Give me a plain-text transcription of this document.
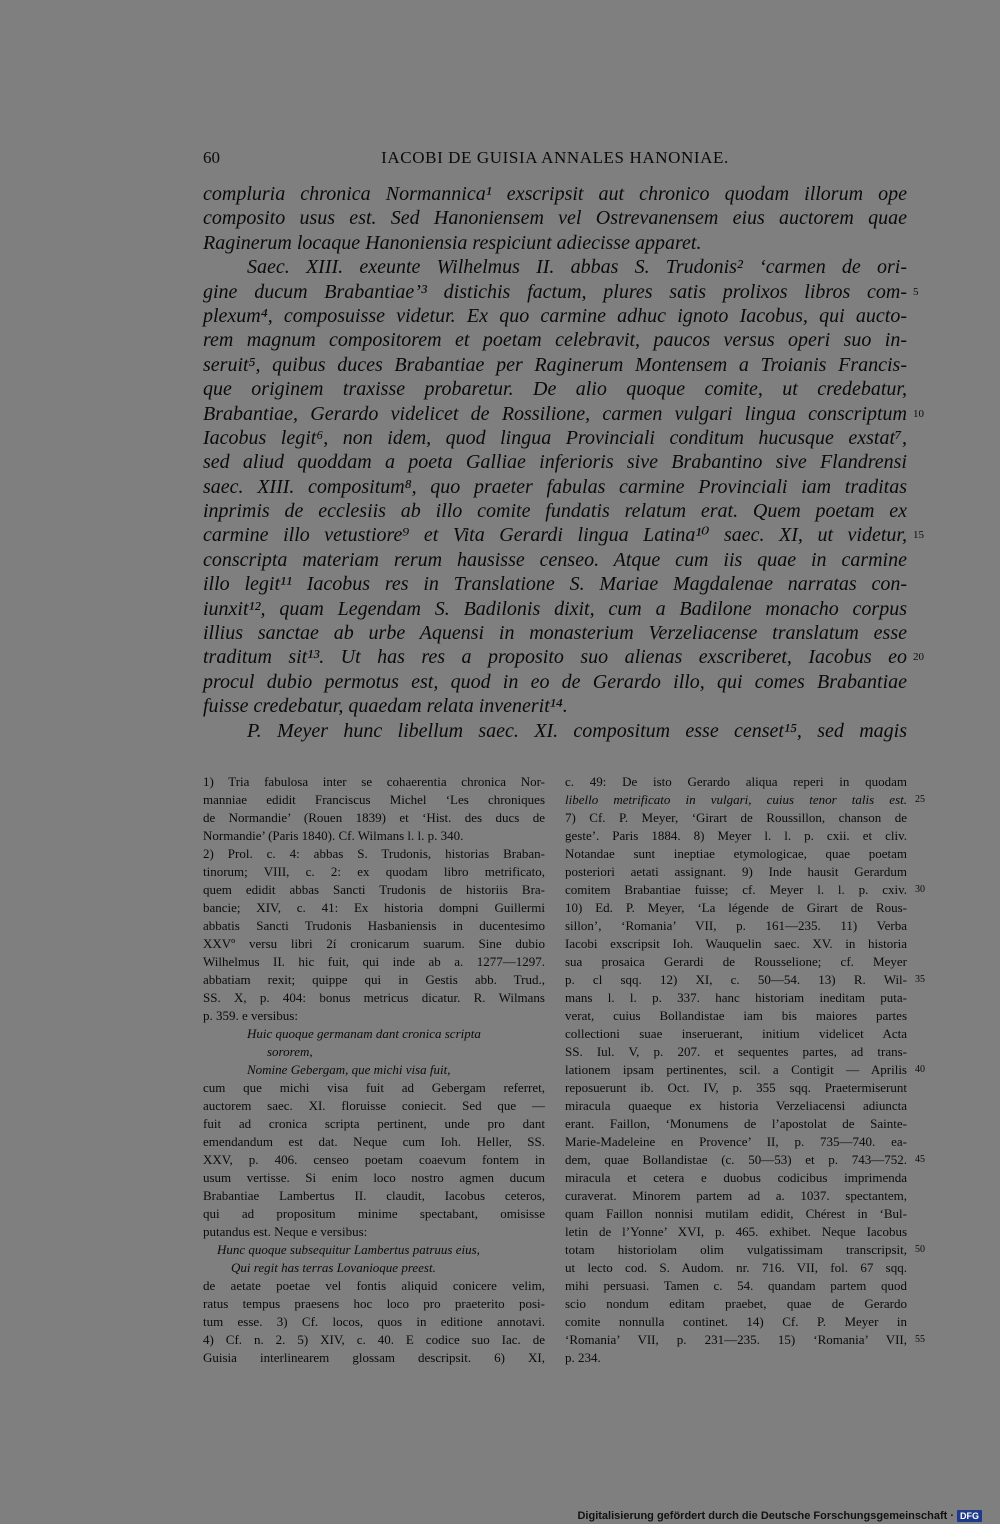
60	IACOBI DE GUISIA ANNALES HANONIAE.
compluria chronica Normannica¹ exscripsit aut chronico quodam illorum ope
composito usus est. Sed Hanoniensem vel Ostrevanensem eius auctorem quae
Raginerum locaque Hanoniensia respiciunt adiecisse apparet.
Saec. XIII. exeunte Wilhelmus II. abbas S. Trudonis² ‘carmen de ori-
gine ducum Brabantiae’³ distichis factum, plures satis prolixos libros com- 5
plexum⁴, composuisse videtur. Ex quo carmine adhuc ignoto Iacobus, qui aucto-
rem magnum compositorem et poetam celebravit, paucos versus operi suo in-
seruit⁵, quibus duces Brabantiae per Raginerum Montensem a Troianis Francis-
que originem traxisse probaretur. De alio quoque comite, ut credebatur,
Brabantiae, Gerardo videlicet de Rossilione, carmen vulgari lingua conscriptum 10
Iacobus legit⁶, non idem, quod lingua Provinciali conditum hucusque exstat⁷,
sed aliud quoddam a poeta Galliae inferioris sive Brabantino sive Flandrensi
saec. XIII. compositum⁸, quo praeter fabulas carmine Provinciali iam traditas
inprimis de ecclesiis ab illo comite fundatis relatum erat. Quem poetam ex
carmine illo vetustiore⁹ et Vita Gerardi lingua Latina¹⁰ saec. XI, ut videtur, 15
conscripta materiam rerum hausisse censeo. Atque cum iis quae in carmine
illo legit¹¹ Iacobus res in Translatione S. Mariae Magdalenae narratas con-
iunxit¹², quam Legendam S. Badilonis dixit, cum a Badilone monacho corpus
illius sanctae ab urbe Aquensi in monasterium Verzeliacense translatum esse
traditum sit¹³. Ut has res a proposito suo alienas exscriberet, Iacobus eo 20
procul dubio permotus est, quod in eo de Gerardo illo, qui comes Brabantiae
fuisse credebatur, quaedam relata invenerit¹⁴.
P. Meyer hunc libellum saec. XI. compositum esse censet¹⁵, sed magis
1) Tria fabulosa inter se cohaerentia chronica Nor-
manniae edidit Franciscus Michel ‘Les chroniques
de Normandie’ (Rouen 1839) et ‘Hist. des ducs de
Normandie’ (Paris 1840). Cf. Wilmans l. l. p. 340.
2) Prol. c. 4: abbas S. Trudonis, historias Braban-
tinorum; VIII, c. 2: ex quodam libro metrificato,
quem edidit abbas Sancti Trudonis de historiis Bra-
bancie; XIV, c. 41: Ex historia dompni Guillermi
abbatis Sancti Trudonis Hasbaniensis in ducentesimo
XXVº versu libri 2í cronicarum suarum. Sine dubio
Wilhelmus II. hic fuit, qui inde ab a. 1277—1297.
abbatiam rexit; quippe qui in Gestis abb. Trud.,
SS. X, p. 404: bonus metricus dicatur. R. Wilmans
p. 359. e versibus:
Huic quoque germanam dant cronica scripta
sororem,
Nomine Gebergam, que michi visa fuit,
cum que michi visa fuit ad Gebergam referret,
auctorem saec. XI. floruisse coniecit. Sed que —
fuit ad cronica scripta pertinent, unde pro dant
emendandum est dat. Neque cum Ioh. Heller, SS.
XXV, p. 406. censeo poetam coaevum fontem in
usum vertisse. Si enim loco nostro agmen ducum
Brabantiae Lambertus II. claudit, Iacobus ceteros,
qui ad propositum minime spectabant, omisisse
putandus est. Neque e versibus:
Hunc quoque subsequitur Lambertus patruus eius,
Qui regit has terras Lovanioque preest.
de aetate poetae vel fontis aliquid conicere velim,
ratus tempus praesens hoc loco pro praeterito posi-
tum esse. 3) Cf. locos, quos in editione annotavi.
4) Cf. n. 2. 5) XIV, c. 40. E codice suo Iac. de
Guisia interlinearem glossam descripsit. 6) XI,
c. 49: De isto Gerardo aliqua reperi in quodam
libello metrificato in vulgari, cuius tenor talis est.
7) Cf. P. Meyer, ‘Girart de Roussillon, chanson de
geste’. Paris 1884. 8) Meyer l. l. p. cxii. et cliv.
Notandae sunt ineptiae etymologicae, quae poetam
posteriori aetati assignant. 9) Inde hausit Gerardum
comitem Brabantiae fuisse; cf. Meyer l. l. p. cxiv.
10) Ed. P. Meyer, ‘La légende de Girart de Rous-
sillon’, ‘Romania’ VII, p. 161—235. 11) Verba
Iacobi exscripsit Ioh. Wauquelin saec. XV. in historia
sua prosaica Gerardi de Rousselione; cf. Meyer
p. cl sqq. 12) XI, c. 50—54. 13) R. Wil-
mans l. l. p. 337. hanc historiam ineditam puta-
verat, cuius Bollandistae iam bis maiores partes
collectioni suae inseruerant, initium videlicet Acta
SS. Iul. V, p. 207. et sequentes partes, ad trans-
lationem ipsam pertinentes, scil. a Contigit — Aprilis
reposuerunt ib. Oct. IV, p. 355 sqq. Praetermiserunt
miracula quaeque ex historia Verzeliacensi adiuncta
erant. Faillon, ‘Monumens de l’apostolat de Sainte-
Marie-Madeleine en Provence’ II, p. 735—740. ea-
dem, quae Bollandistae (c. 50—53) et p. 743—752.
miracula et cetera e duobus codicibus imprimenda
curaverat. Minorem partem ad a. 1037. spectantem,
quam Faillon nonnisi mutilam edidit, Chérest in ‘Bul-
letin de l’Yonne’ XVI, p. 465. exhibet. Neque Iacobus
totam historiolam olim vulgatissimam transcripsit,
ut lecto cod. S. Audom. nr. 716. VII, fol. 67 sqq.
mihi persuasi. Tamen c. 54. quandam partem quod
scio nondum editam praebet, quae de Gerardo
comite nonnulla continet. 14) Cf. P. Meyer in
‘Romania’ VII, p. 231—235. 15) ‘Romania’ VII,
p. 234.
25
30
35
40
45
50
55
Digitalisierung gefördert durch die Deutsche Forschungsgemeinschaft · DFG
